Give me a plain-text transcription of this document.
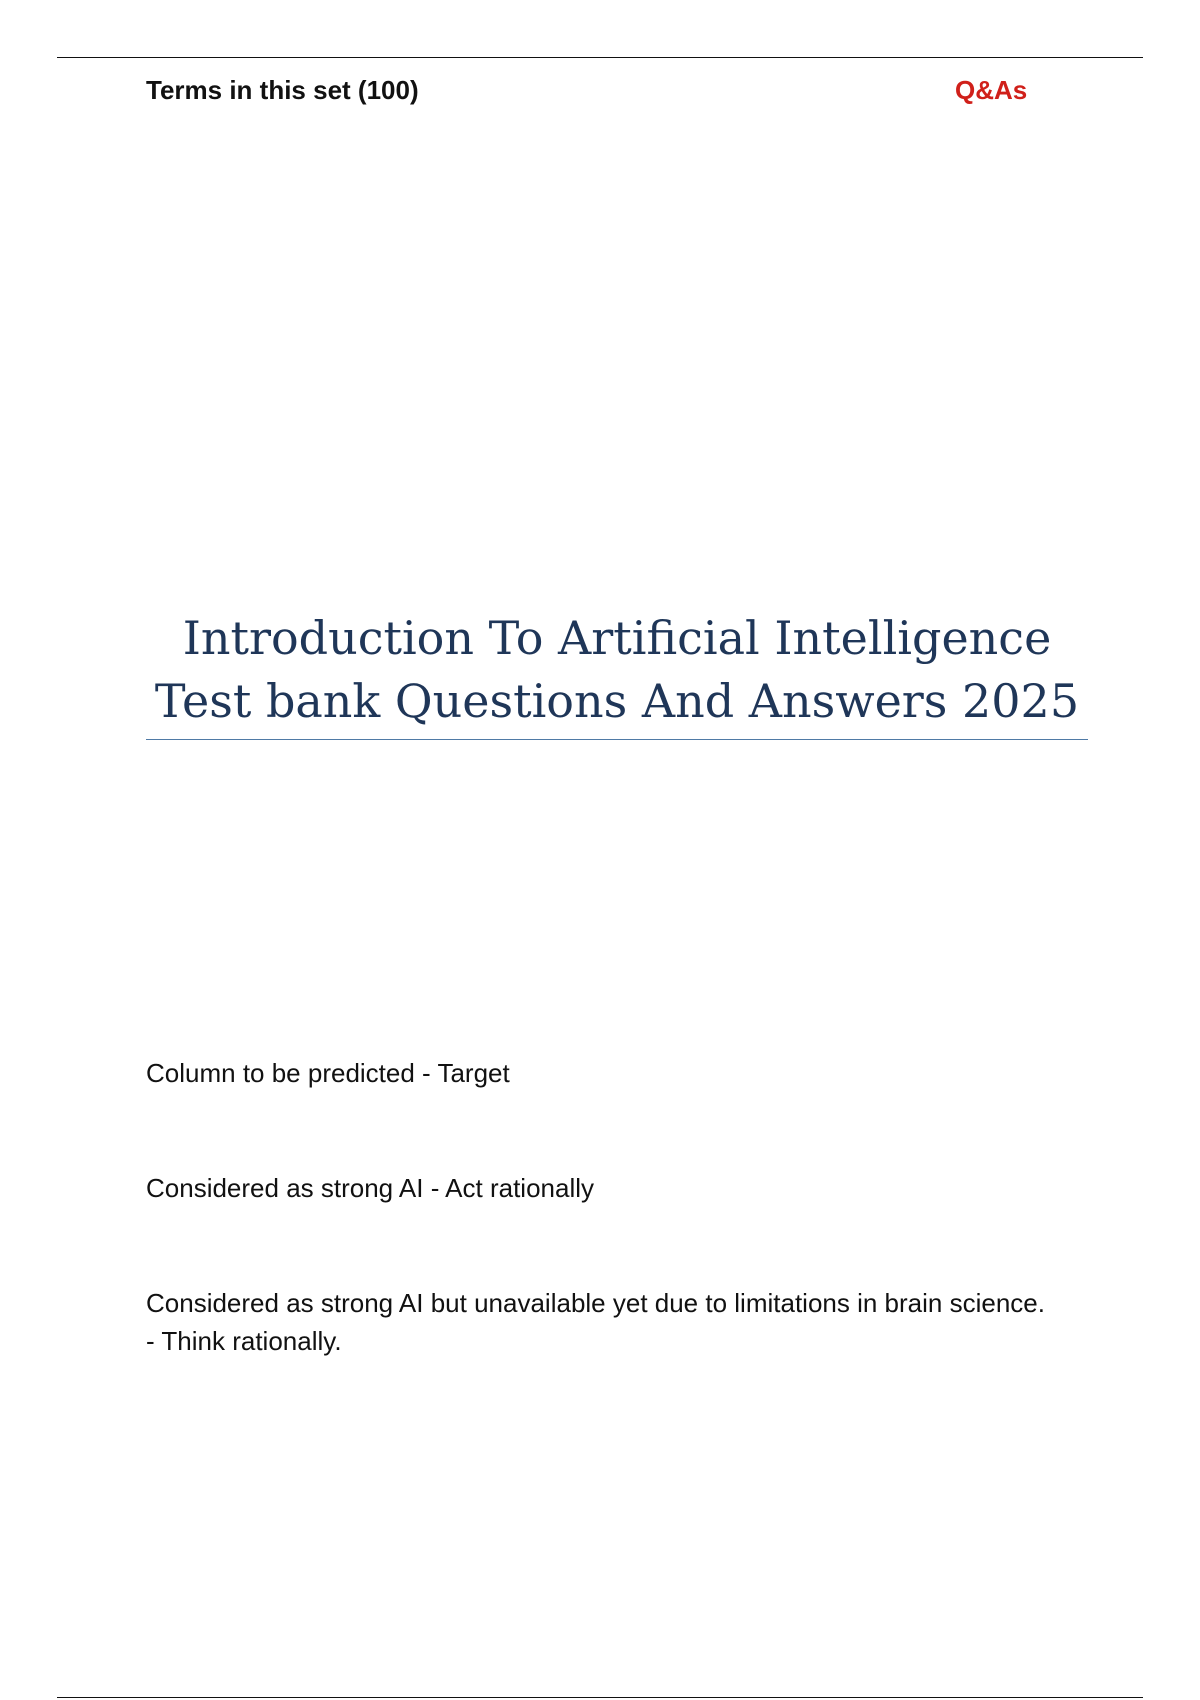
Terms in this set (100)	Q&As
Introduction To Artificial Intelligence
Test bank Questions And Answers 2025
Column to be predicted - Target
Considered as strong AI - Act rationally
Considered as strong AI but unavailable yet due to limitations in brain science. - Think rationally.
